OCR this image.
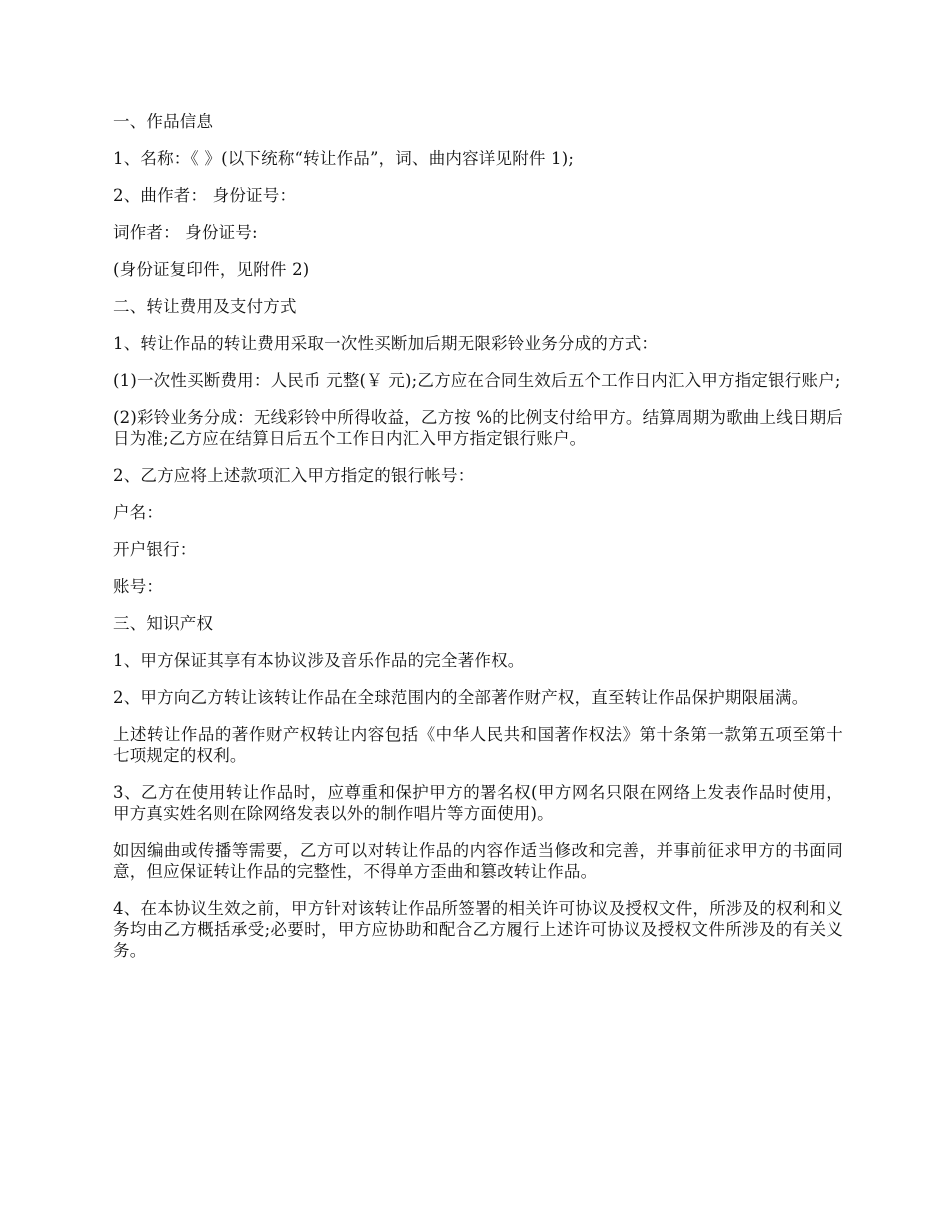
一、作品信息

1、名称：《 》(以下统称“转让作品”，词、曲内容详见附件 1);

2、曲作者： 身份证号：

词作者： 身份证号:

(身份证复印件，见附件 2)

二、转让费用及支付方式

1、转让作品的转让费用采取一次性买断加后期无限彩铃业务分成的方式：

(1)一次性买断费用：人民币 元整(￥ 元);乙方应在合同生效后五个工作日内汇入甲方指定银行账户;

(2)彩铃业务分成：无线彩铃中所得收益，乙方按 %的比例支付给甲方。结算周期为歌曲上线日期后 日为准;乙方应在结算日后五个工作日内汇入甲方指定银行账户。

2、乙方应将上述款项汇入甲方指定的银行帐号：

户名：

开户银行：

账号：

三、知识产权

1、甲方保证其享有本协议涉及音乐作品的完全著作权。

2、甲方向乙方转让该转让作品在全球范围内的全部著作财产权，直至转让作品保护期限届满。

上述转让作品的著作财产权转让内容包括《中华人民共和国著作权法》第十条第一款第五项至第十七项规定的权利。

3、乙方在使用转让作品时，应尊重和保护甲方的署名权(甲方网名只限在网络上发表作品时使用，甲方真实姓名则在除网络发表以外的制作唱片等方面使用)。

如因编曲或传播等需要，乙方可以对转让作品的内容作适当修改和完善，并事前征求甲方的书面同意，但应保证转让作品的完整性，不得单方歪曲和篡改转让作品。

4、在本协议生效之前，甲方针对该转让作品所签署的相关许可协议及授权文件，所涉及的权利和义务均由乙方概括承受;必要时，甲方应协助和配合乙方履行上述许可协议及授权文件所涉及的有关义务。
